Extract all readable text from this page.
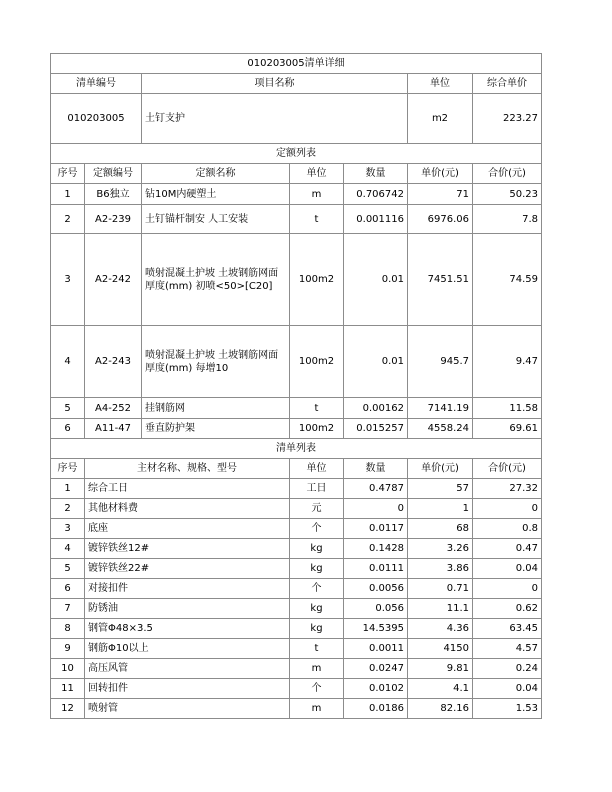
010203005清单详细						
清单编号		项目名称			单位	综合单价
010203005		土钉支护			m2	223.27
定额列表						
序号	定额编号	定额名称	单位	数量	单价(元)	合价(元)
1	B6独立	钻10M内硬塑土	m	0.706742	71	50.23
2	A2-239	土钉锚杆制安 人工安装	t	0.001116	6976.06	7.8
3	A2-242	喷射混凝土护坡 土坡钢筋网面 厚度(mm) 初喷<50>[C20]	100m2	0.01	7451.51	74.59
4	A2-243	喷射混凝土护坡 土坡钢筋网面 厚度(mm) 每增10	100m2	0.01	945.7	9.47
5	A4-252	挂钢筋网	t	0.00162	7141.19	11.58
6	A11-47	垂直防护架	100m2	0.015257	4558.24	69.61
清单列表						
序号	主材名称、规格、型号		单位	数量	单价(元)	合价(元)
1	综合工日		工日	0.4787	57	27.32
2	其他材料费		元	0	1	0
3	底座		个	0.0117	68	0.8
4	镀锌铁丝12#		kg	0.1428	3.26	0.47
5	镀锌铁丝22#		kg	0.0111	3.86	0.04
6	对接扣件		个	0.0056	0.71	0
7	防锈油		kg	0.056	11.1	0.62
8	钢管Φ48×3.5		kg	14.5395	4.36	63.45
9	钢筋Φ10以上		t	0.0011	4150	4.57
10	高压风管		m	0.0247	9.81	0.24
11	回转扣件		个	0.0102	4.1	0.04
12	喷射管		m	0.0186	82.16	1.53
